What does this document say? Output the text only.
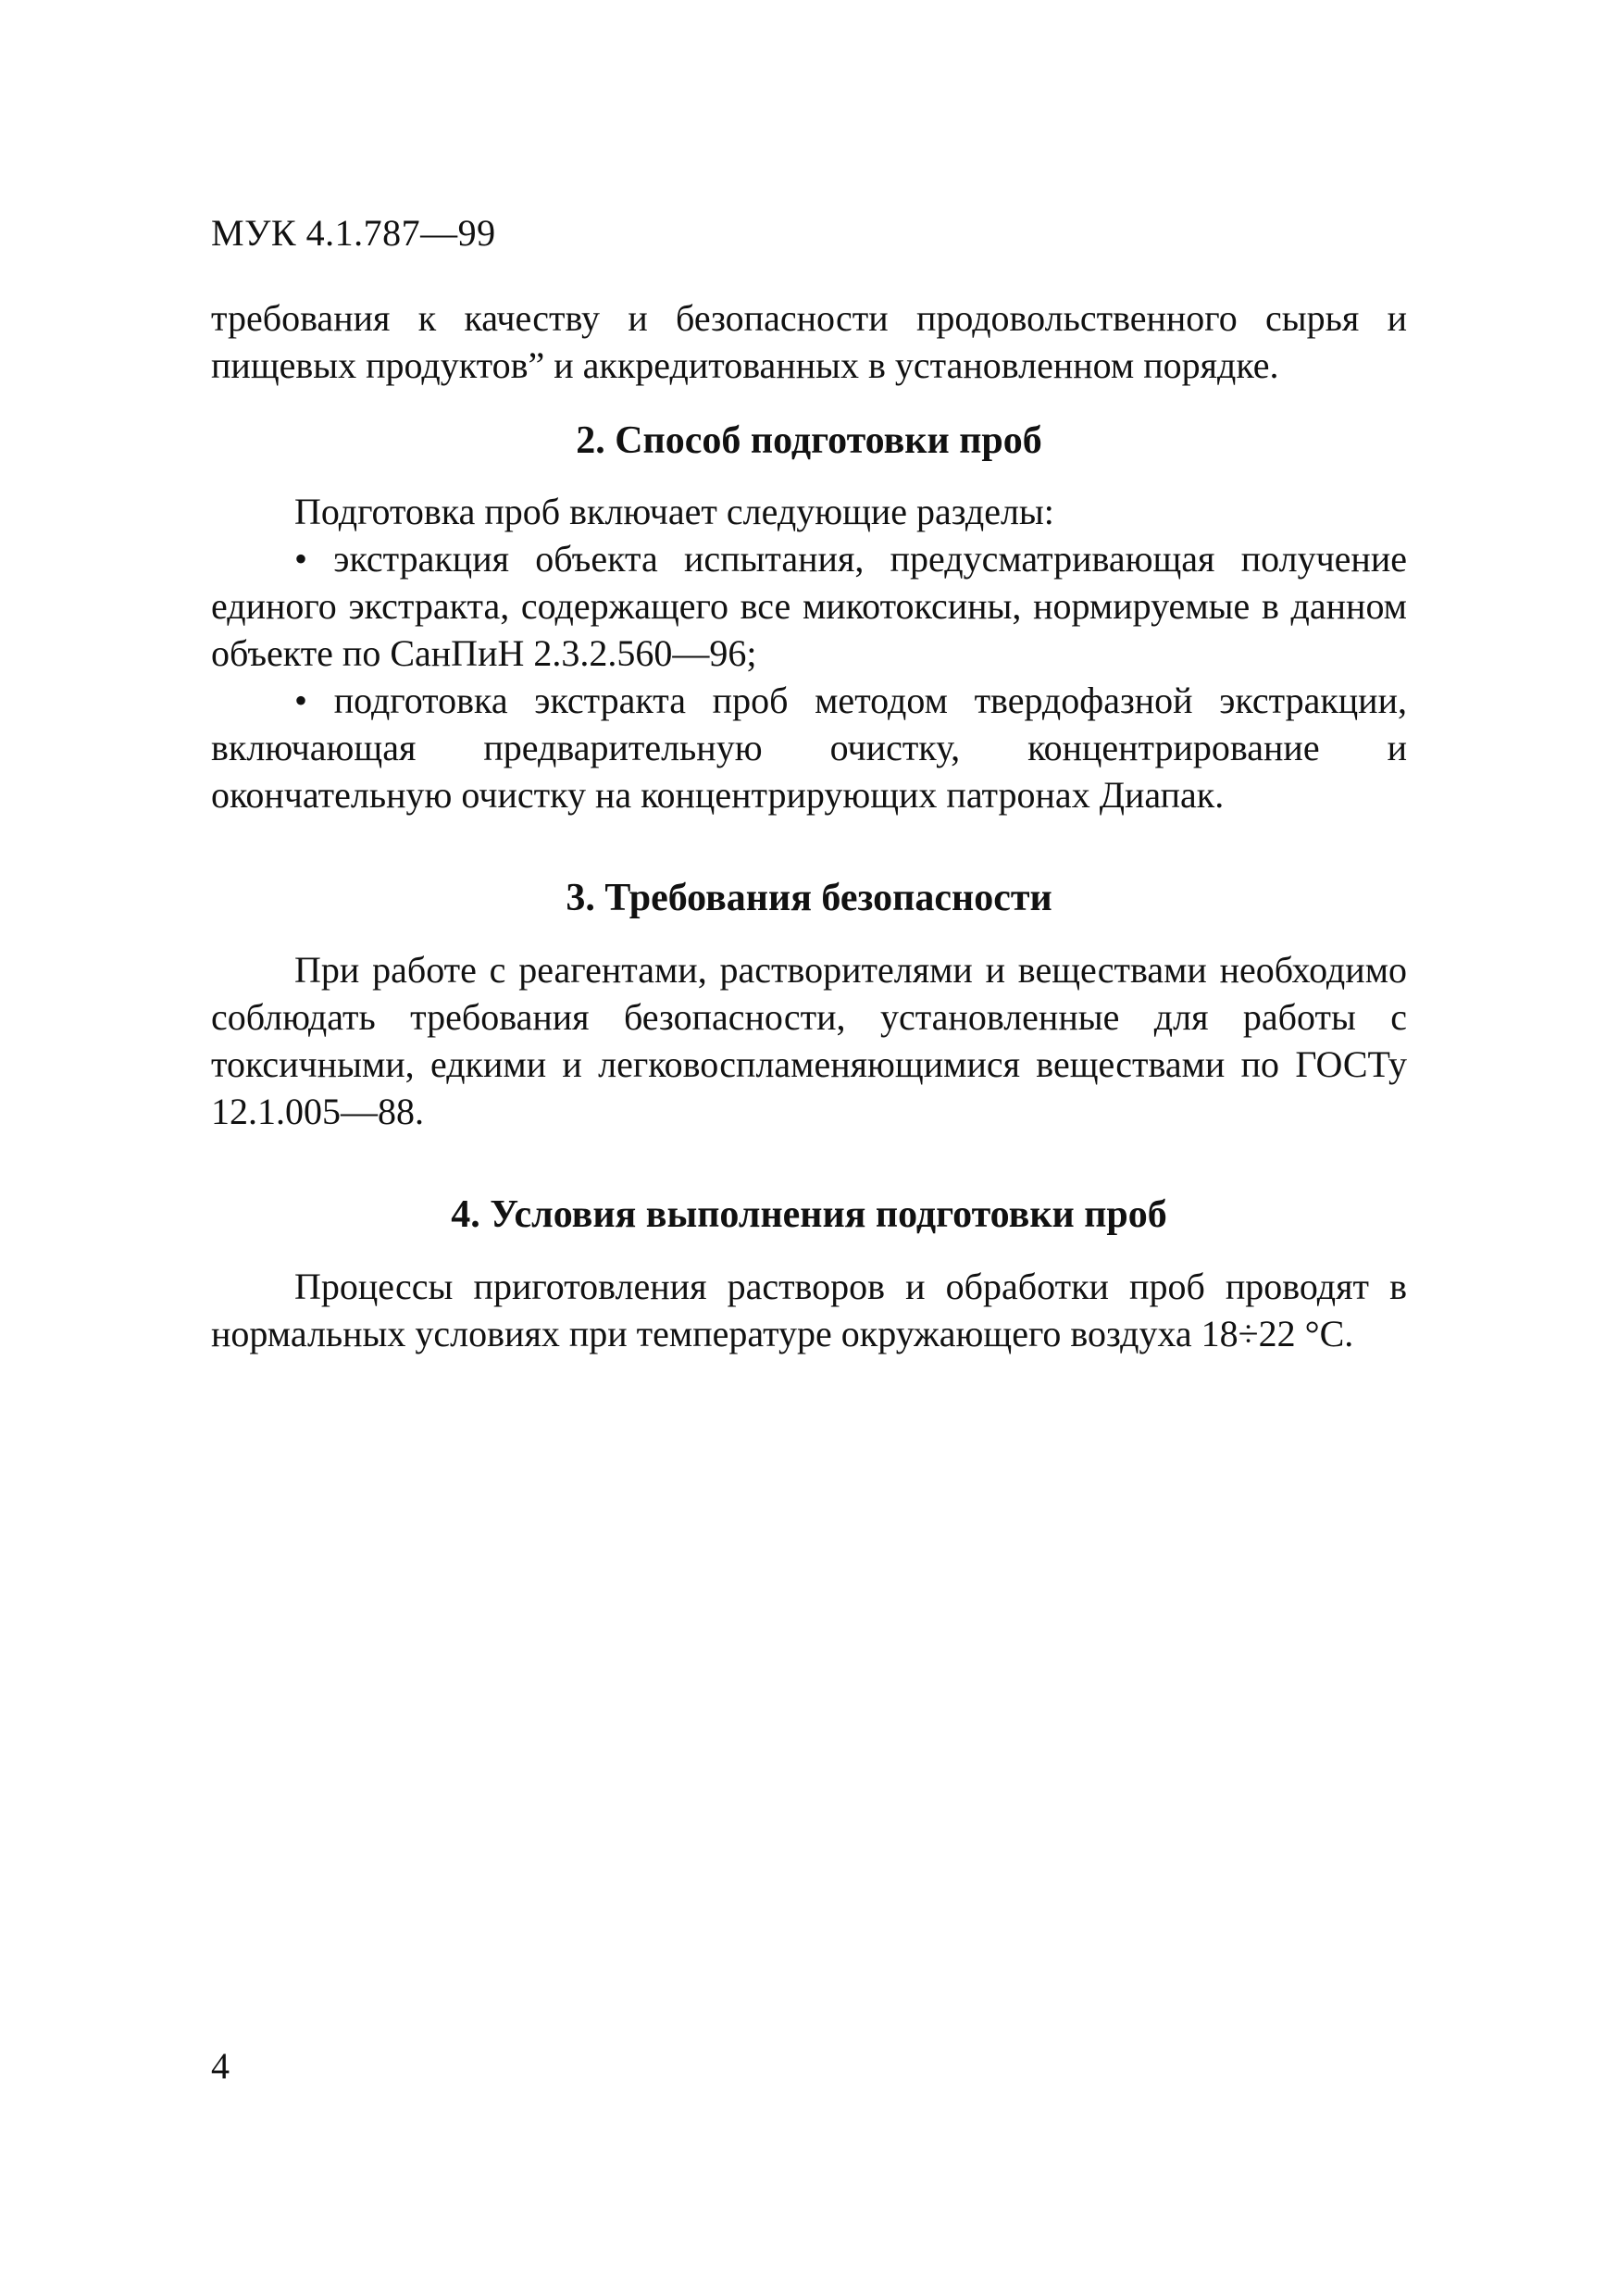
МУК 4.1.787—99

требования к качеству и безопасности продовольственного сырья и пищевых продуктов” и аккредитованных в установленном порядке.

2. Способ подготовки проб

Подготовка проб включает следующие разделы:

• экстракция объекта испытания, предусматривающая получение единого экстракта, содержащего все микотоксины, нормируемые в данном объекте по СанПиН 2.3.2.560—96;

• подготовка экстракта проб методом твердофазной экстракции, включающая предварительную очистку, концентрирование и окончательную очистку на концентрирующих патронах Диапак.

3. Требования безопасности

При работе с реагентами, растворителями и веществами необходимо соблюдать требования безопасности, установленные для работы с токсичными, едкими и легковоспламеняющимися веществами по ГОСТу 12.1.005—88.

4. Условия выполнения подготовки проб

Процессы приготовления растворов и обработки проб проводят в нормальных условиях при температуре окружающего воздуха 18÷22 °С.

4
